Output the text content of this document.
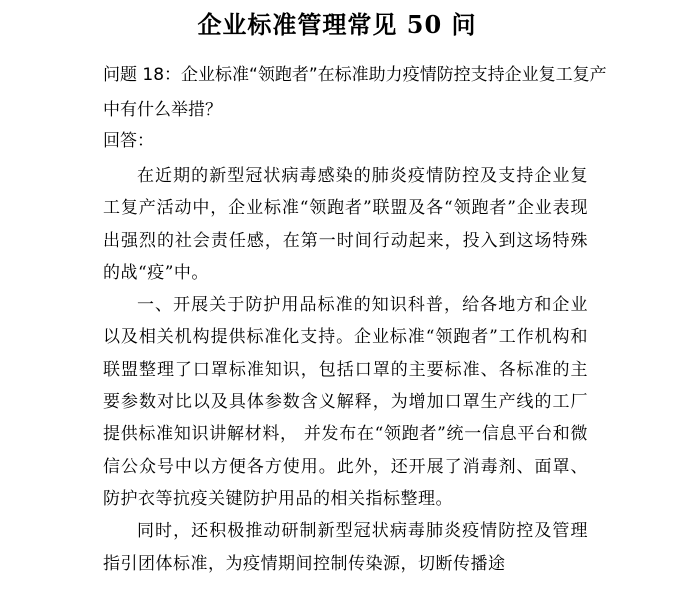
企业标准管理常见 50 问

问题 18：企业标准“领跑者”在标准助力疫情防控支持企业复工复产中有什么举措？

回答：

在近期的新型冠状病毒感染的肺炎疫情防控及支持企业复工复产活动中，企业标准“领跑者”联盟及各“领跑者”企业表现出强烈的社会责任感，在第一时间行动起来，投入到这场特殊的战“疫”中。

一、开展关于防护用品标准的知识科普，给各地方和企业以及相关机构提供标准化支持。企业标准“领跑者”工作机构和联盟整理了口罩标准知识，包括口罩的主要标准、各标准的主要参数对比以及具体参数含义解释，为增加口罩生产线的工厂提供标准知识讲解材料， 并发布在“领跑者”统一信息平台和微信公众号中以方便各方使用。此外，还开展了消毒剂、面罩、防护衣等抗疫关键防护用品的相关指标整理。

同时，还积极推动研制新型冠状病毒肺炎疫情防控及管理指引团体标准，为疫情期间控制传染源，切断传播途
